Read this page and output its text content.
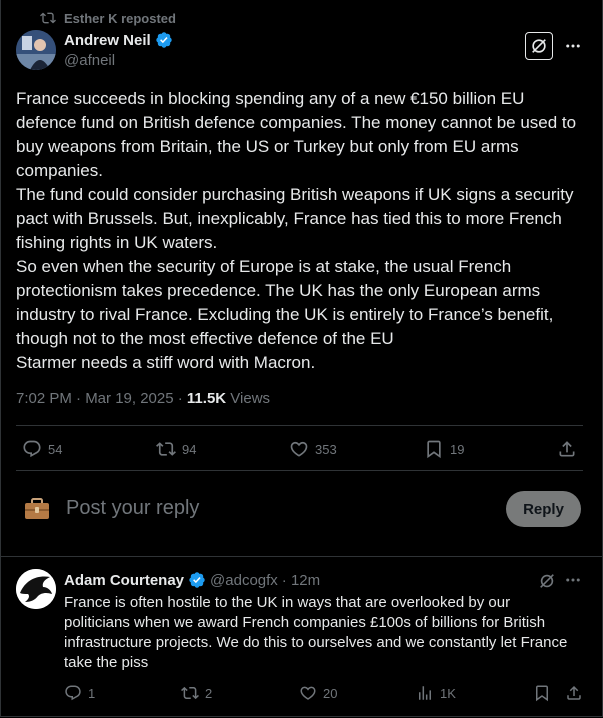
Esther K reposted
Andrew Neil
@afneil

France succeeds in blocking spending any of a new €150 billion EU defence fund on British defence companies. The money cannot be used to buy weapons from Britain, the US or Turkey but only from EU arms companies.

The fund could consider purchasing British weapons if UK signs a security pact with Brussels. But, inexplicably, France has tied this to more French fishing rights in UK waters.

So even when the security of Europe is at stake, the usual French protectionism takes precedence. The UK has the only European arms industry to rival France. Excluding the UK is entirely to France’s benefit, though not to the most effective defence of the EU

Starmer needs a stiff word with Macron.

7:02 PM · Mar 19, 2025 · 11.5K Views
54	94	353	19
Post your reply	Reply
Adam Courtenay @adcogfx · 12m
France is often hostile to the UK in ways that are overlooked by our politicians when we award French companies £100s of billions for British infrastructure projects. We do this to ourselves and we constantly let France take the piss
1	2	20	1K
